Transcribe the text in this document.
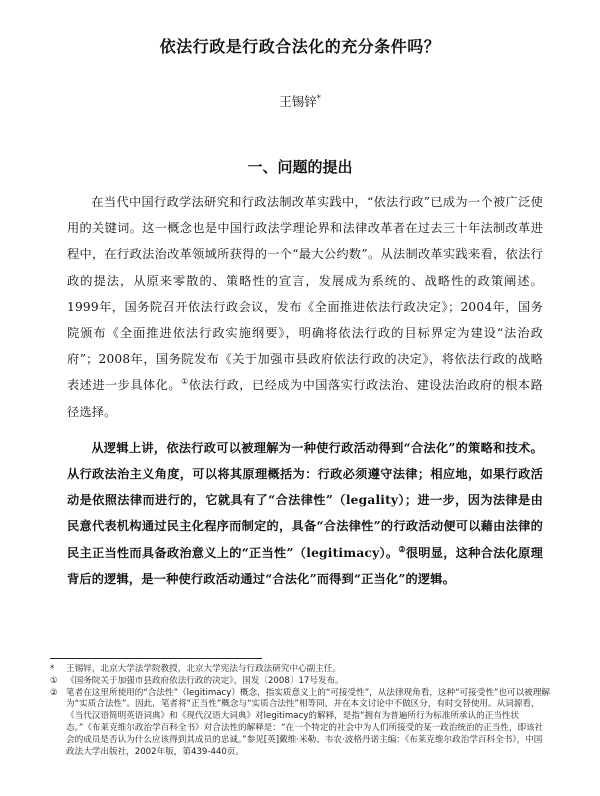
依法行政是行政合法化的充分条件吗？
王锡锌*
一、问题的提出

在当代中国行政学法研究和行政法制改革实践中，“依法行政”已成为一个被广泛使用的关键词。这一概念也是中国行政法学理论界和法律改革者在过去三十年法制改革进程中，在行政法治改革领域所获得的一个“最大公约数”。从法制改革实践来看，依法行政的提法，从原来零散的、策略性的宣言，发展成为系统的、战略性的政策阐述。1999年，国务院召开依法行政会议，发布《全面推进依法行政决定》；2004年，国务院颁布《全面推进依法行政实施纲要》，明确将依法行政的目标界定为建设“法治政府”；2008年，国务院发布《关于加强市县政府依法行政的决定》，将依法行政的战略表述进一步具体化。①依法行政，已经成为中国落实行政法治、建设法治政府的根本路径选择。

从逻辑上讲，依法行政可以被理解为一种使行政活动得到“合法化”的策略和技术。从行政法治主义角度，可以将其原理概括为：行政必须遵守法律；相应地，如果行政活动是依照法律而进行的，它就具有了“合法律性”（legality）；进一步，因为法律是由民意代表机构通过民主化程序而制定的，具备“合法律性”的行政活动便可以藉由法律的民主正当性而具备政治意义上的“正当性”（legitimacy）。②很明显，这种合法化原理背后的逻辑，是一种使行政活动通过“合法化”而得到“正当化”的逻辑。

* 王锡锌，北京大学法学院教授，北京大学宪法与行政法研究中心副主任。
① 《国务院关于加强市县政府依法行政的决定》，国发〔2008〕17号发布。
② 笔者在这里所使用的“合法性”（legitimacy）概念，指实质意义上的“可接受性”，从法律现角看，这种“可接受性”也可以被理解为“实质合法性”。因此，笔者将“正当性”概念与“实质合法性”相等同，并在本文讨论中不做区分，有时交替使用。从词源看，《当代汉语简明英语词典》和《现代汉语大词典》对legitimacy的解释，是指“拥有为普遍所行为标准所承认的正当性状态。”《布莱克维尔政治学百科全书》对合法性的解释是：“在一个特定的社会中为人们所接受的某一政治统治的正当性，即该社会的成员是否认为什么应该得到其成员的忠诚。”参见[英]戴维·米勒、韦农·波格丹诺主编：《布莱克维尔政治学百科全书》，中国政法大学出版社，2002年版，第439-440页。
